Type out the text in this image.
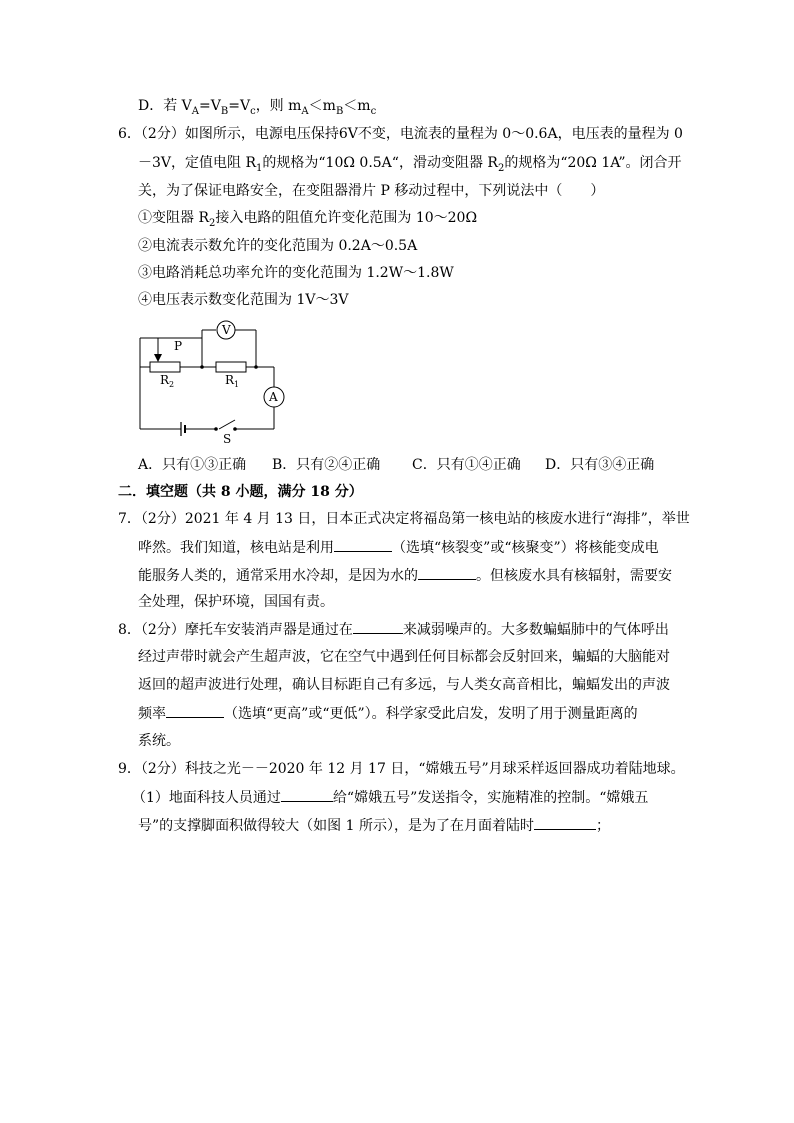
D．若 $V_A=V_B=V_c$，则 $m_A<m_B<m_c$
6．（2分）如图所示，电源电压保持6V不变，电流表的量程为 0～0.6A，电压表的量程为 0
－3V，定值电阻 $R_1$的规格为“10Ω 0.5A“，滑动变阻器 $R_2$的规格为“20Ω 1A”。闭合开
关，为了保证电路安全，在变阻器滑片 P 移动过程中，下列说法中（　　）
①变阻器 $R_2$接入电路的阻值允许变化范围为 10～20Ω
②电流表示数允许的变化范围为 0.2A～0.5A
③电路消耗总功率允许的变化范围为 1.2W～1.8W
④电压表示数变化范围为 1V～3V
V
A
P
R 2	R 1
S
A．只有①③正确 B．只有②④正确 C．只有①④正确 D．只有③④正确
二．填空题（共 8 小题，满分 18 分）
7．（2分）2021 年 4 月 13 日，日本正式决定将福岛第一核电站的核废水进行“海排”，举世
哗然。我们知道，核电站是利用	（选填“核裂变”或“核聚变”）将核能变成电
能服务人类的，通常采用水冷却，是因为水的	。但核废水具有核辐射，需要安
全处理，保护环境，国国有责。
8．（2分）摩托车安装消声器是通过在	来减弱噪声的。大多数蝙蝠肺中的气体呼出
经过声带时就会产生超声波，它在空气中遇到任何目标都会反射回来，蝙蝠的大脑能对
返回的超声波进行处理，确认目标距自己有多远，与人类女高音相比，蝙蝠发出的声波
频率	（选填“更高”或“更低”）。科学家受此启发，发明了用于测量距离的
系统。
9．（2分）科技之光－－2020 年 12 月 17 日，“嫦娥五号”月球采样返回器成功着陆地球。
（1）地面科技人员通过	给“嫦娥五号”发送指令，实施精准的控制。“嫦娥五
号”的支撑脚面积做得较大（如图 1 所示），是为了在月面着陆时	；
